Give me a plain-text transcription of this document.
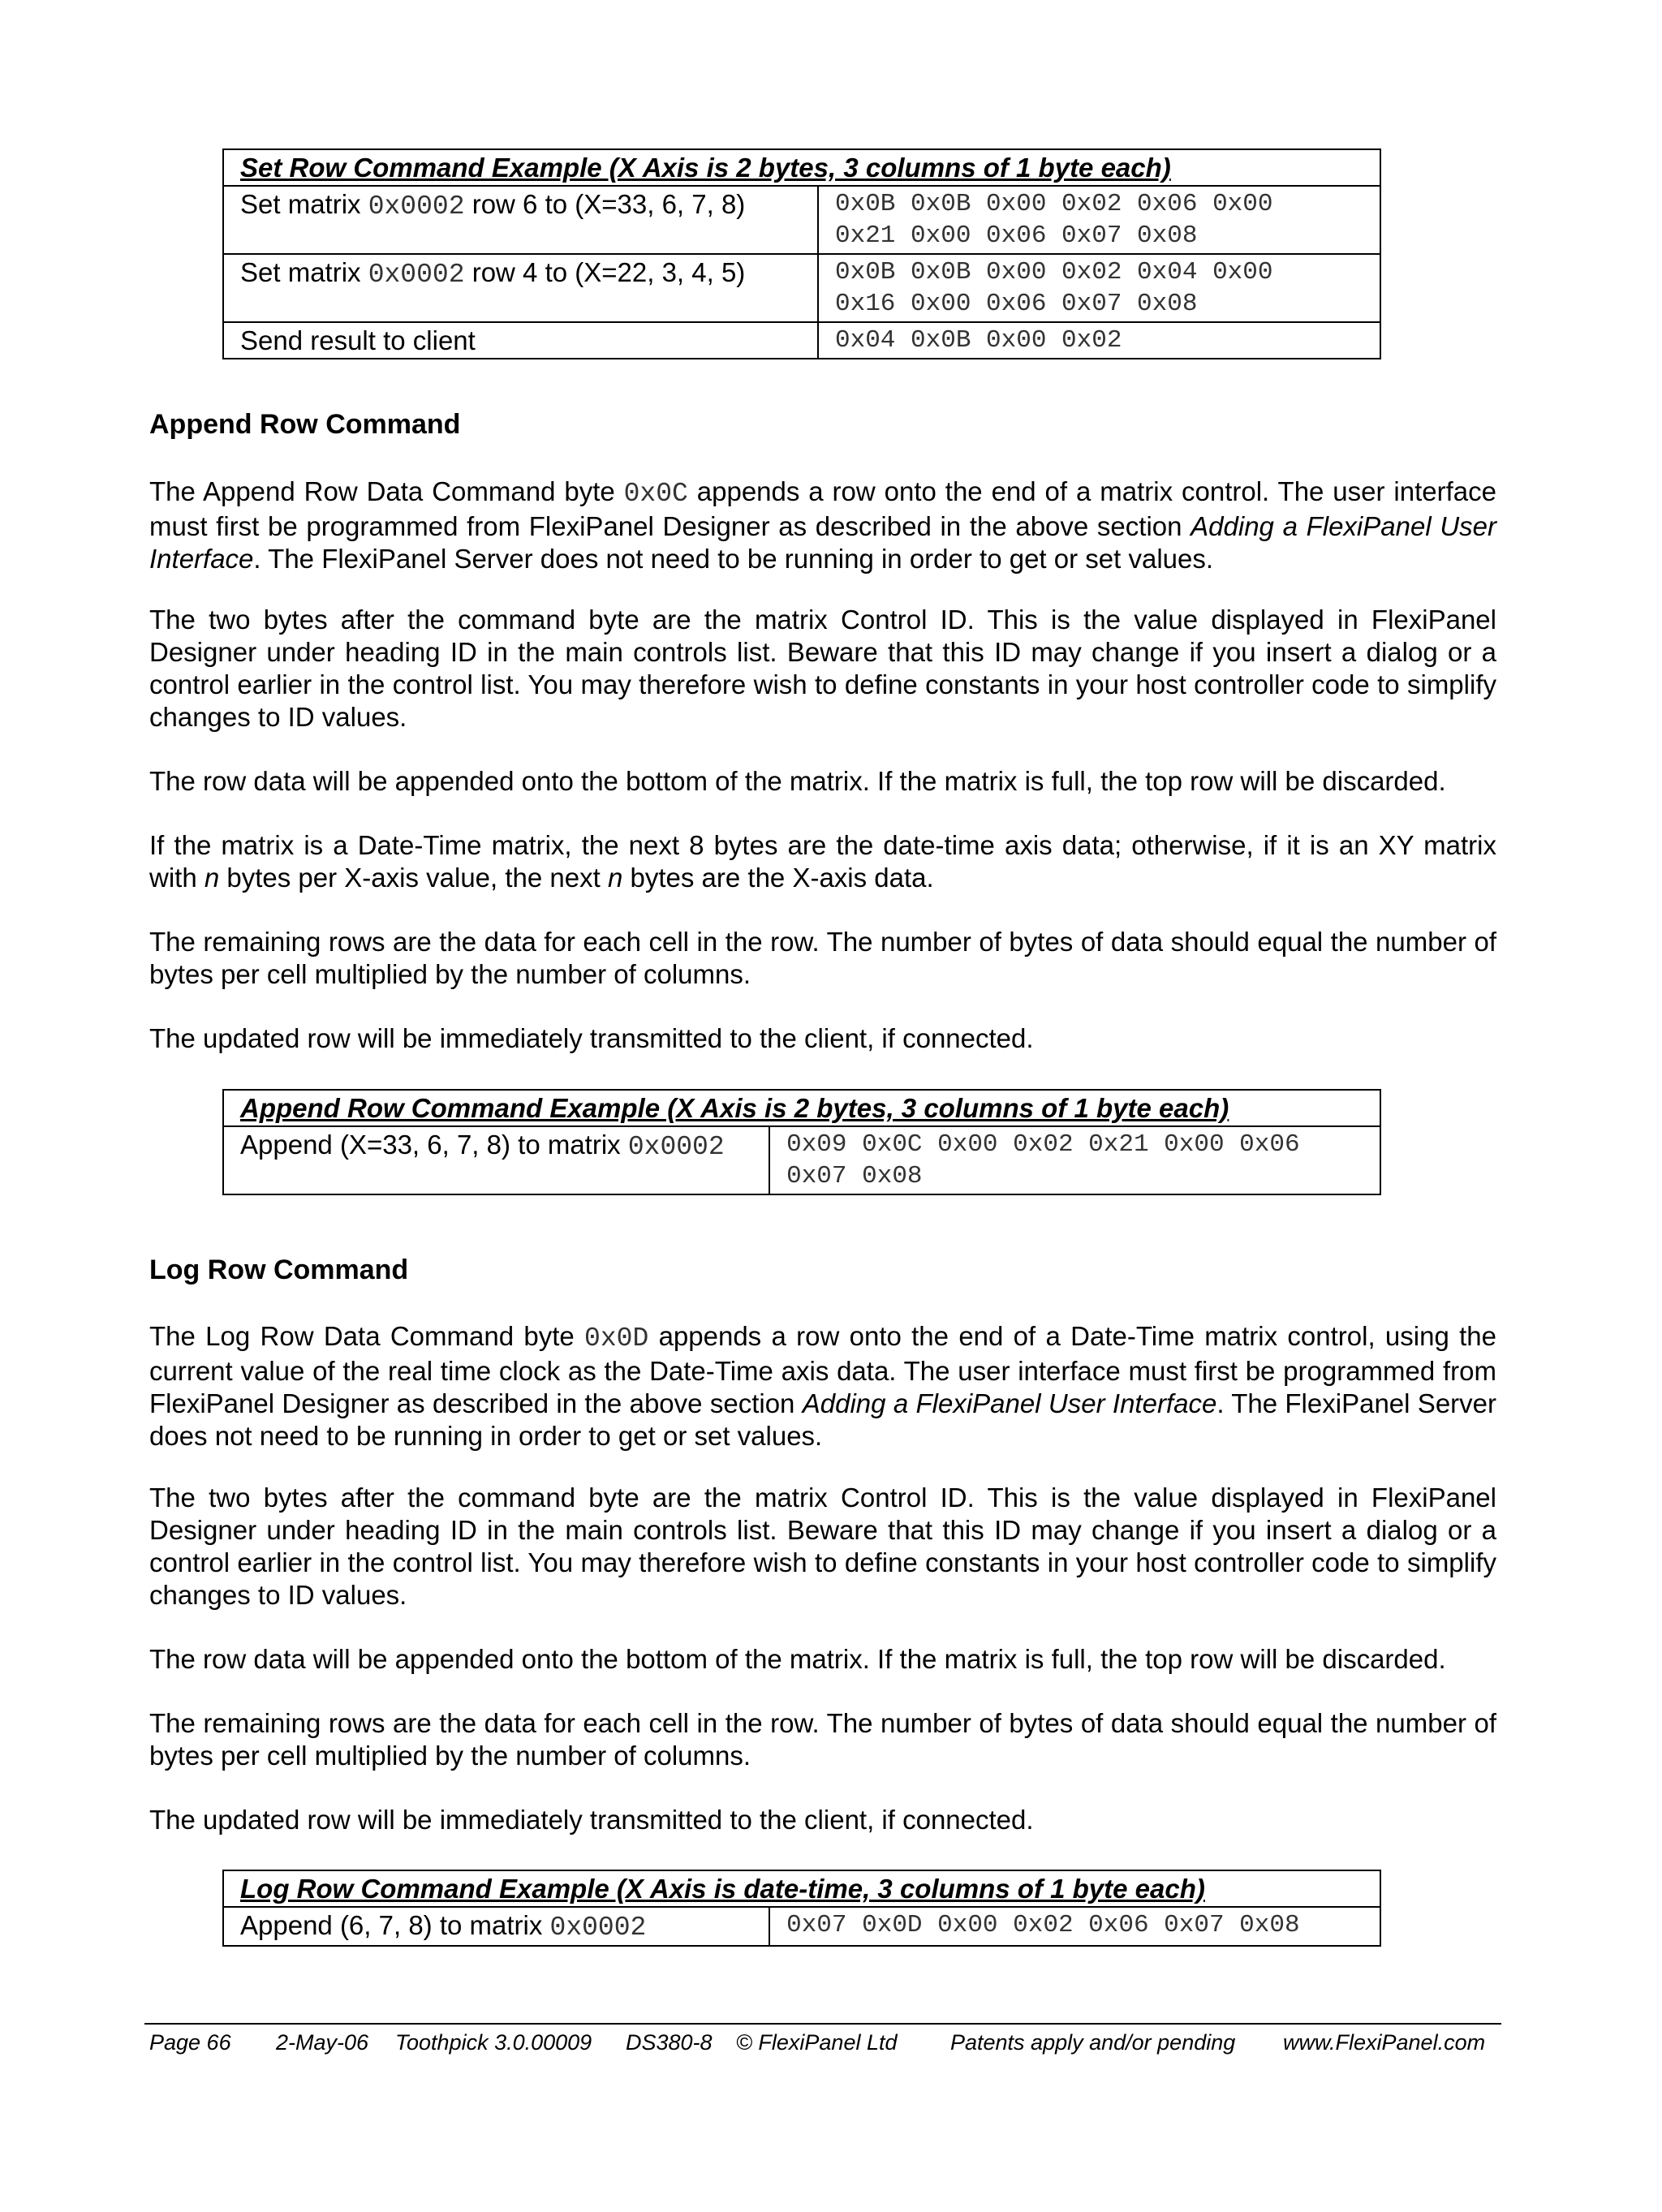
Set Row Command Example (X Axis is 2 bytes, 3 columns of 1 byte each)	
Set matrix 0x0002 row 6 to (X=33, 6, 7, 8)	0x0B 0x0B 0x00 0x02 0x06 0x00
0x21 0x00 0x06 0x07 0x08

Set matrix 0x0002 row 4 to (X=22, 3, 4, 5)	0x0B 0x0B 0x00 0x02 0x04 0x00
0x16 0x00 0x06 0x07 0x08

Send result to client	0x04 0x0B 0x00 0x02
Append Row Command

The Append Row Data Command byte 0x0C appends a row onto the end of a matrix control. The user interface must first be programmed from FlexiPanel Designer as described in the above section Adding a FlexiPanel User Interface. The FlexiPanel Server does not need to be running in order to get or set values.

The two bytes after the command byte are the matrix Control ID. This is the value displayed in FlexiPanel Designer under heading ID in the main controls list. Beware that this ID may change if you insert a dialog or a control earlier in the control list. You may therefore wish to define constants in your host controller code to simplify changes to ID values.

The row data will be appended onto the bottom of the matrix. If the matrix is full, the top row will be discarded.

If the matrix is a Date-Time matrix, the next 8 bytes are the date-time axis data; otherwise, if it is an XY matrix with n bytes per X-axis value, the next n bytes are the X-axis data.

The remaining rows are the data for each cell in the row. The number of bytes of data should equal the number of bytes per cell multiplied by the number of columns.

The updated row will be immediately transmitted to the client, if connected.

Append Row Command Example (X Axis is 2 bytes, 3 columns of 1 byte each)
Append (X=33, 6, 7, 8) to matrix 0x0002	0x09 0x0C 0x00 0x02 0x21 0x00 0x06
0x07 0x08
Log Row Command

The Log Row Data Command byte 0x0D appends a row onto the end of a Date-Time matrix control, using the current value of the real time clock as the Date-Time axis data. The user interface must first be programmed from FlexiPanel Designer as described in the above section Adding a FlexiPanel User Interface. The FlexiPanel Server does not need to be running in order to get or set values.

The two bytes after the command byte are the matrix Control ID. This is the value displayed in FlexiPanel Designer under heading ID in the main controls list. Beware that this ID may change if you insert a dialog or a control earlier in the control list. You may therefore wish to define constants in your host controller code to simplify changes to ID values.

The row data will be appended onto the bottom of the matrix. If the matrix is full, the top row will be discarded.

The remaining rows are the data for each cell in the row. The number of bytes of data should equal the number of bytes per cell multiplied by the number of columns.

The updated row will be immediately transmitted to the client, if connected.

Log Row Command Example (X Axis is date-time, 3 columns of 1 byte each)
Append (6, 7, 8) to matrix 0x0002	0x07 0x0D 0x00 0x02 0x06 0x07 0x08
Page 66	2-May-06	Toothpick 3.0.00009	DS380-8	© FlexiPanel Ltd	Patents apply and/or pending	www.FlexiPanel.com
